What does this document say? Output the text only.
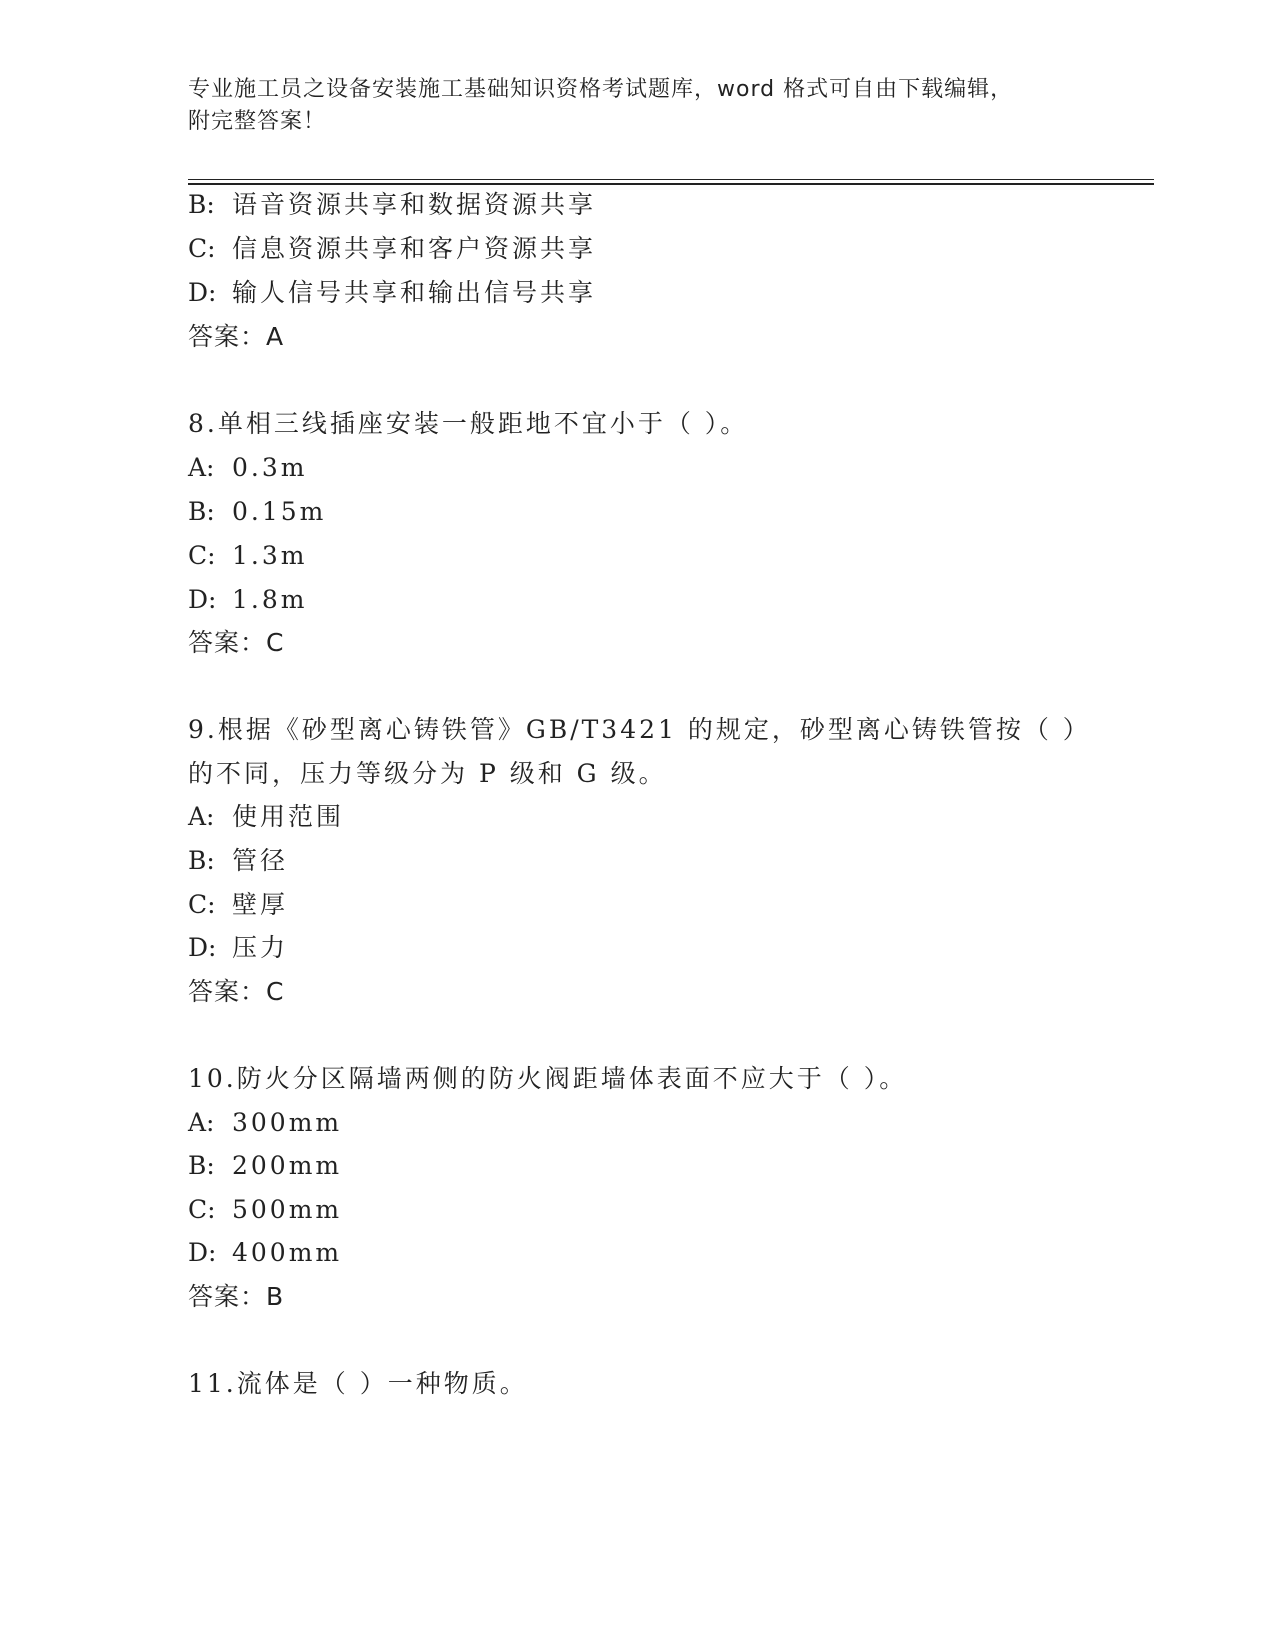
专业施工员之设备安装施工基础知识资格考试题库，word 格式可自由下载编辑，
附完整答案！
B: 语音资源共享和数据资源共享
C: 信息资源共享和客户资源共享
D: 输人信号共享和输出信号共享
答案：A
8.单相三线插座安装一般距地不宜小于（ ）。
A: 0.3m
B: 0.15m
C: 1.3m
D: 1.8m
答案：C
9.根据《砂型离心铸铁管》GB/T3421 的规定，砂型离心铸铁管按（ ）
的不同，压力等级分为 P 级和 G 级。
A: 使用范围
B: 管径
C: 壁厚
D: 压力
答案：C
10.防火分区隔墙两侧的防火阀距墙体表面不应大于（ ）。
A: 300mm
B: 200mm
C: 500mm
D: 400mm
答案：B
11.流体是（ ）一种物质。
